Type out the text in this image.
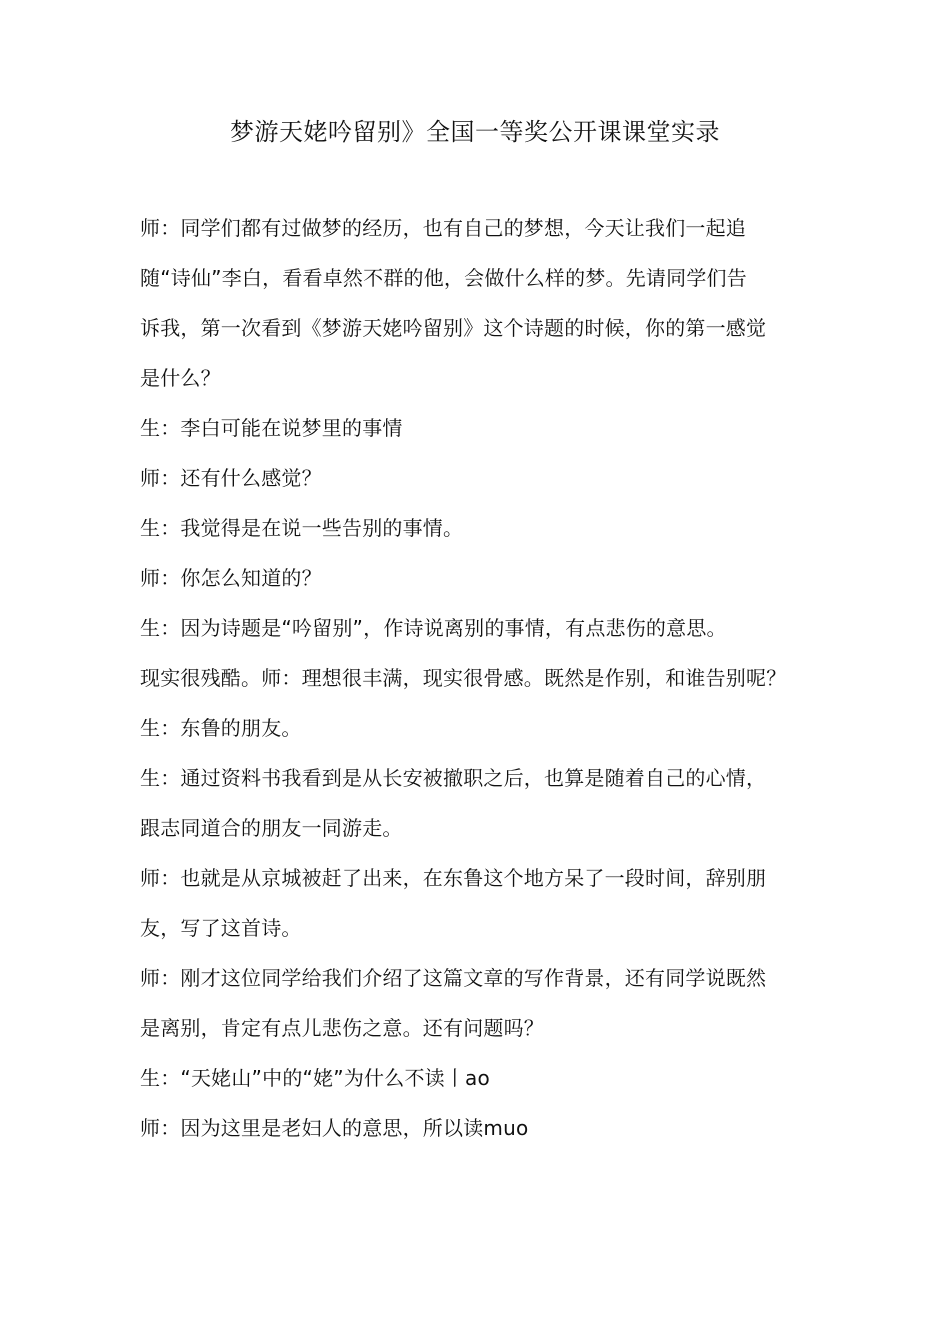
梦游天姥吟留别》全国一等奖公开课课堂实录
师：同学们都有过做梦的经历，也有自己的梦想，今天让我们一起追
随“诗仙”李白，看看卓然不群的他，会做什么样的梦。先请同学们告
诉我，第一次看到《梦游天姥吟留别》这个诗题的时候，你的第一感觉
是什么？
生：李白可能在说梦里的事情
师：还有什么感觉？
生：我觉得是在说一些告别的事情。
师：你怎么知道的？
生：因为诗题是“吟留别”，作诗说离别的事情，有点悲伤的意思。
现实很残酷。师：理想很丰满，现实很骨感。既然是作别，和谁告别呢？
生：东鲁的朋友。
生：通过资料书我看到是从长安被撤职之后，也算是随着自己的心情，
跟志同道合的朋友一同游走。
师：也就是从京城被赶了出来，在东鲁这个地方呆了一段时间，辞别朋
友，写了这首诗。
师：刚才这位同学给我们介绍了这篇文章的写作背景，还有同学说既然
是离别，肯定有点儿悲伤之意。还有问题吗？
生：“天姥山”中的“姥”为什么不读丨ao
师：因为这里是老妇人的意思，所以读muo
